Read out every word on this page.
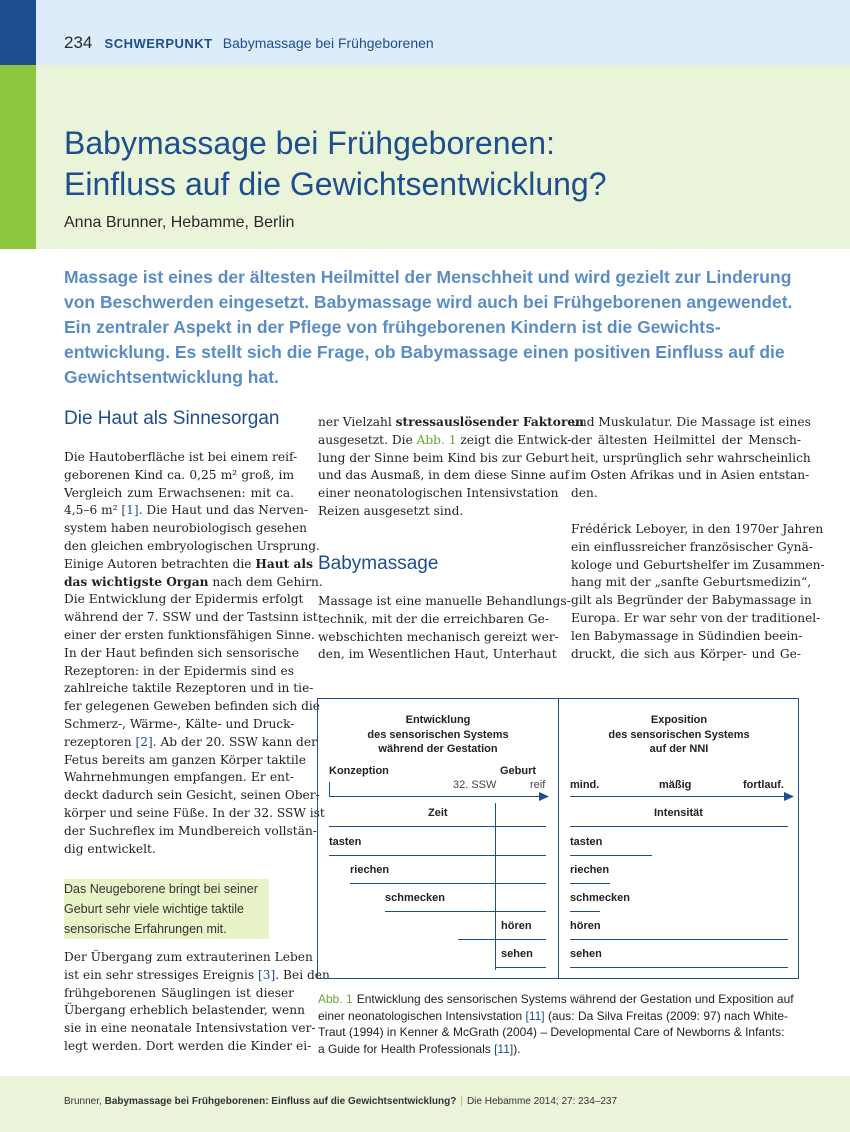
234 SCHWERPUNKT Babymassage bei Frühgeborenen
Babymassage bei Frühgeborenen:
Einfluss auf die Gewichtsentwicklung?
Anna Brunner, Hebamme, Berlin
Massage ist eines der ältesten Heilmittel der Menschheit und wird gezielt zur Linderung
von Beschwerden eingesetzt. Babymassage wird auch bei Frühgeborenen angewendet.
Ein zentraler Aspekt in der Pflege von frühgeborenen Kindern ist die Gewichts-
entwicklung. Es stellt sich die Frage, ob Babymassage einen positiven Einfluss auf die
Gewichtsentwicklung hat.
Die Haut als Sinnesorgan
Babymassage
Die Hautoberfläche ist bei einem reif-
geborenen Kind ca. 0,25 m² groß, im
Vergleich zum Erwachsenen: mit ca.
4,5–6 m² [1]. Die Haut und das Nerven-
system haben neurobiologisch gesehen
den gleichen embryologischen Ursprung.
Einige Autoren betrachten die Haut als
das wichtigste Organ nach dem Gehirn.
Die Entwicklung der Epidermis erfolgt
während der 7. SSW und der Tastsinn ist
einer der ersten funktionsfähigen Sinne.
In der Haut befinden sich sensorische
Rezeptoren: in der Epidermis sind es
zahlreiche taktile Rezeptoren und in tie-
fer gelegenen Geweben befinden sich die
Schmerz-, Wärme-, Kälte- und Druck-
rezeptoren [2]. Ab der 20. SSW kann der
Fetus bereits am ganzen Körper taktile
Wahrnehmungen empfangen. Er ent-
deckt dadurch sein Gesicht, seinen Ober-
körper und seine Füße. In der 32. SSW ist
der Suchreflex im Mundbereich vollstän-
dig entwickelt.
Das Neugeborene bringt bei seiner
Geburt sehr viele wichtige taktile
sensorische Erfahrungen mit.
Der Übergang zum extrauterinen Leben
ist ein sehr stressiges Ereignis [3]. Bei den
frühgeborenen Säuglingen ist dieser
Übergang erheblich belastender, wenn
sie in eine neonatale Intensivstation ver-
legt werden. Dort werden die Kinder ei-
ner Vielzahl stressauslösender Faktoren
ausgesetzt. Die Abb. 1 zeigt die Entwick-
lung der Sinne beim Kind bis zur Geburt
und das Ausmaß, in dem diese Sinne auf
einer neonatologischen Intensivstation
Reizen ausgesetzt sind.
Massage ist eine manuelle Behandlungs-
technik, mit der die erreichbaren Ge-
webschichten mechanisch gereizt wer-
den, im Wesentlichen Haut, Unterhaut
und Muskulatur. Die Massage ist eines
der ältesten Heilmittel der Mensch-
heit, ursprünglich sehr wahrscheinlich
im Osten Afrikas und in Asien entstan-
den.
Frédérick Leboyer, in den 1970er Jahren
ein einflussreicher französischer Gynä-
kologe und Geburtshelfer im Zusammen-
hang mit der „sanfte Geburtsmedizin“,
gilt als Begründer der Babymassage in
Europa. Er war sehr von der traditionel-
len Babymassage in Südindien beein-
druckt, die sich aus Körper- und Ge-
Entwicklung
des sensorischen Systems
während der Gestation
Exposition
des sensorischen Systems
auf der NNI
Konzeption	Geburt
32. SSW	reif mind.	mäßig	fortlauf.
Zeit	Intensität
tasten
riechen
schmecken
hören
sehen
tasten
riechen
schmecken
hören
sehen
Abb. 1 Entwicklung des sensorischen Systems während der Gestation und Exposition auf
einer neonatologischen Intensivstation [11] (aus: Da Silva Freitas (2009: 97) nach White-
Traut (1994) in Kenner & McGrath (2004) – Developmental Care of Newborns & Infants:
a Guide for Health Professionals [11]).
Brunner, Babymassage bei Frühgeborenen: Einfluss auf die Gewichtsentwicklung? | Die Hebamme 2014; 27: 234–237
